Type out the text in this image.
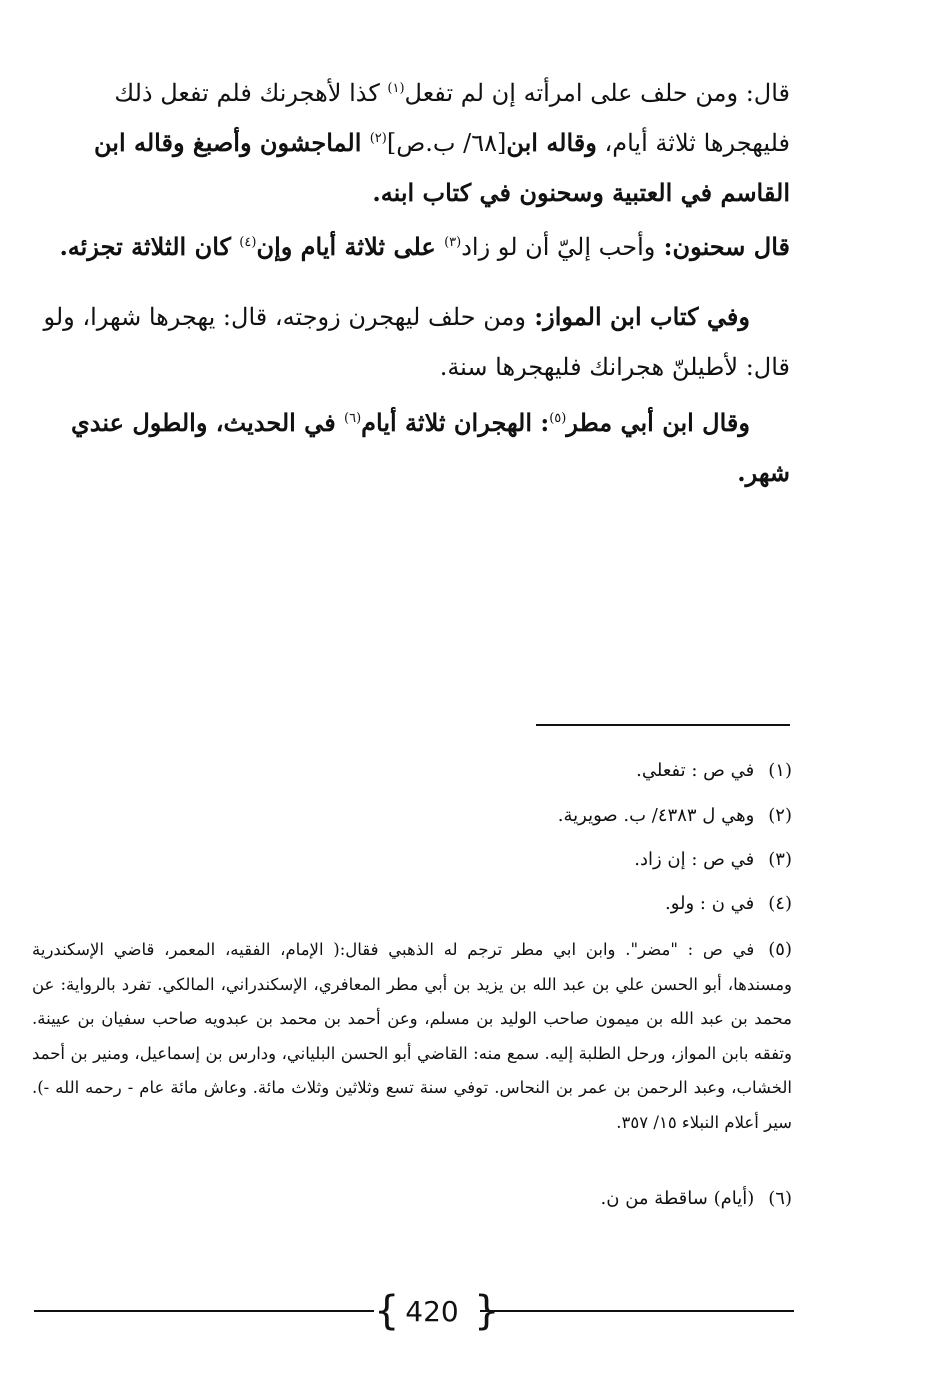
قال: ومن حلف على امرأته إن لم تفعل$^{(١)}$ كذا لأهجرنك فلم تفعل ذلك فليهجرها ثلاثة أيام، وقاله ابن[٦٨/ ب.ص]$^{(٢)}$ الماجشون وأصبغ وقاله ابن القاسم في العتبية وسحنون في كتاب ابنه.
قال سحنون: وأحب إليّ أن لو زاد$^{(٣)}$ على ثلاثة أيام وإن$^{(٤)}$ كان الثلاثة تجزئه.
وفي كتاب ابن المواز: ومن حلف ليهجرن زوجته، قال: يهجرها شهرا، ولو قال: لأطيلنّ هجرانك فليهجرها سنة.
وقال ابن أبي مطر$^{(٥)}$: الهجران ثلاثة أيام$^{(٦)}$ في الحديث، والطول عندي شهر.
(١)في ص : تفعلي.
(٢)وهي ل ٤٣٨٣/ ب. صويرية.
(٣)في ص : إن زاد.
(٤)في ن : ولو.
(٥)في ص : "مضر". وابن ابي مطر ترجم له الذهبي فقال:( الإمام، الفقيه، المعمر، قاضي الإسكندرية ومسندها، أبو الحسن علي بن عبد الله بن يزيد بن أبي مطر المعافري، الإسكندراني، المالكي. تفرد بالرواية: عن محمد بن عبد الله بن ميمون صاحب الوليد بن مسلم، وعن أحمد بن محمد بن عبدويه صاحب سفيان بن عيينة. وتفقه بابن المواز، ورحل الطلبة إليه. سمع منه: القاضي أبو الحسن البلياني، ودارس بن إسماعيل، ومنير بن أحمد الخشاب، وعبد الرحمن بن عمر بن النحاس. توفي سنة تسع وثلاثين وثلاث مائة. وعاش مائة عام - رحمه الله -). سير أعلام النبلاء ١٥/ ٣٥٧.
(٦)(أيام) ساقطة من ن.
{ }
420
